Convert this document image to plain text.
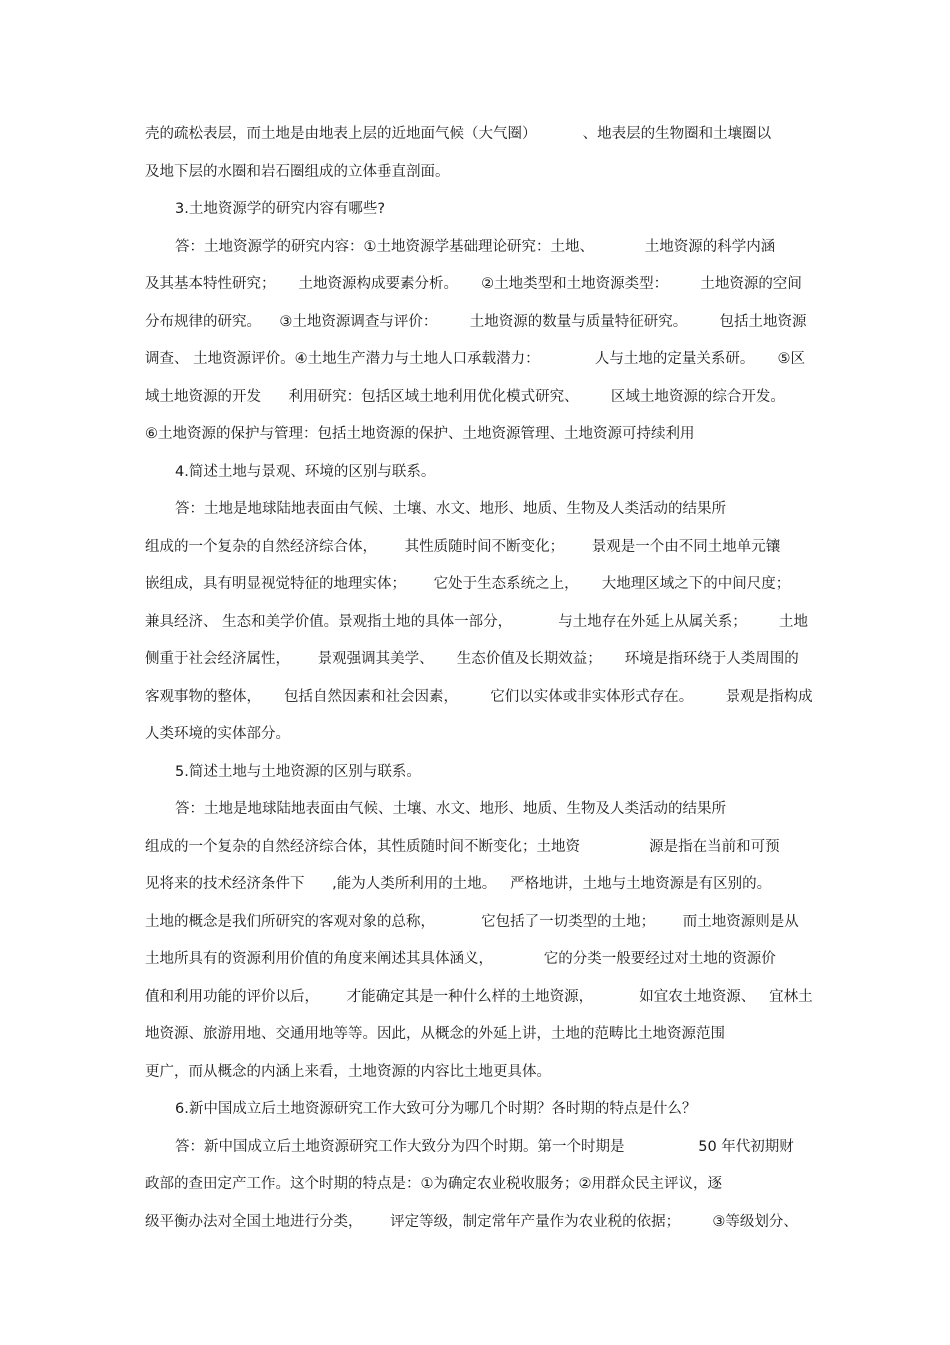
壳的疏松表层，而土地是由地表上层的近地面气候（大气圈）          、地表层的生物圈和土壤圈以
及地下层的水圈和岩石圈组成的立体垂直剖面。
3.土地资源学的研究内容有哪些?
答：土地资源学的研究内容：①土地资源学基础理论研究：土地、           土地资源的科学内涵
及其基本特性研究；     土地资源构成要素分析。     ②土地类型和土地资源类型：       土地资源的空间
分布规律的研究。    ③土地资源调查与评价：       土地资源的数量与质量特征研究。       包括土地资源
调查、 土地资源评价。④土地生产潜力与土地人口承载潜力：            人与土地的定量关系研。     ⑤区
域土地资源的开发      利用研究：包括区域土地利用优化模式研究、       区域土地资源的综合开发。
⑥土地资源的保护与管理：包括土地资源的保护、土地资源管理、土地资源可持续利用
4.简述土地与景观、环境的区别与联系。
答：土地是地球陆地表面由气候、土壤、水文、地形、地质、生物及人类活动的结果所
组成的一个复杂的自然经济综合体，      其性质随时间不断变化；      景观是一个由不同土地单元镶
嵌组成，具有明显视觉特征的地理实体；      它处于生态系统之上，     大地理区域之下的中间尺度；
兼具经济、 生态和美学价值。景观指土地的具体一部分，          与土地存在外延上从属关系；       土地
侧重于社会经济属性，      景观强调其美学、     生态价值及长期效益；     环境是指环绕于人类周围的
客观事物的整体，     包括自然因素和社会因素，       它们以实体或非实体形式存在。       景观是指构成
人类环境的实体部分。
5.简述土地与土地资源的区别与联系。
答：土地是地球陆地表面由气候、土壤、水文、地形、地质、生物及人类活动的结果所
组成的一个复杂的自然经济综合体，其性质随时间不断变化；土地资               源是指在当前和可预
见将来的技术经济条件下      ,能为人类所利用的土地。   严格地讲，土地与土地资源是有区别的。
土地的概念是我们所研究的客观对象的总称，          它包括了一切类型的土地；      而土地资源则是从
土地所具有的资源利用价值的角度来阐述其具体涵义，           它的分类一般要经过对土地的资源价
值和利用功能的评价以后，      才能确定其是一种什么样的土地资源，          如宜农土地资源、   宜林土
地资源、旅游用地、交通用地等等。因此，从概念的外延上讲，土地的范畴比土地资源范围
更广，而从概念的内涵上来看，土地资源的内容比土地更具体。
6.新中国成立后土地资源研究工作大致可分为哪几个时期？各时期的特点是什么？
答：新中国成立后土地资源研究工作大致分为四个时期。第一个时期是                50 年代初期财
政部的查田定产工作。这个时期的特点是：①为确定农业税收服务；②用群众民主评议，逐
级平衡办法对全国土地进行分类，      评定等级，制定常年产量作为农业税的依据；       ③等级划分、
